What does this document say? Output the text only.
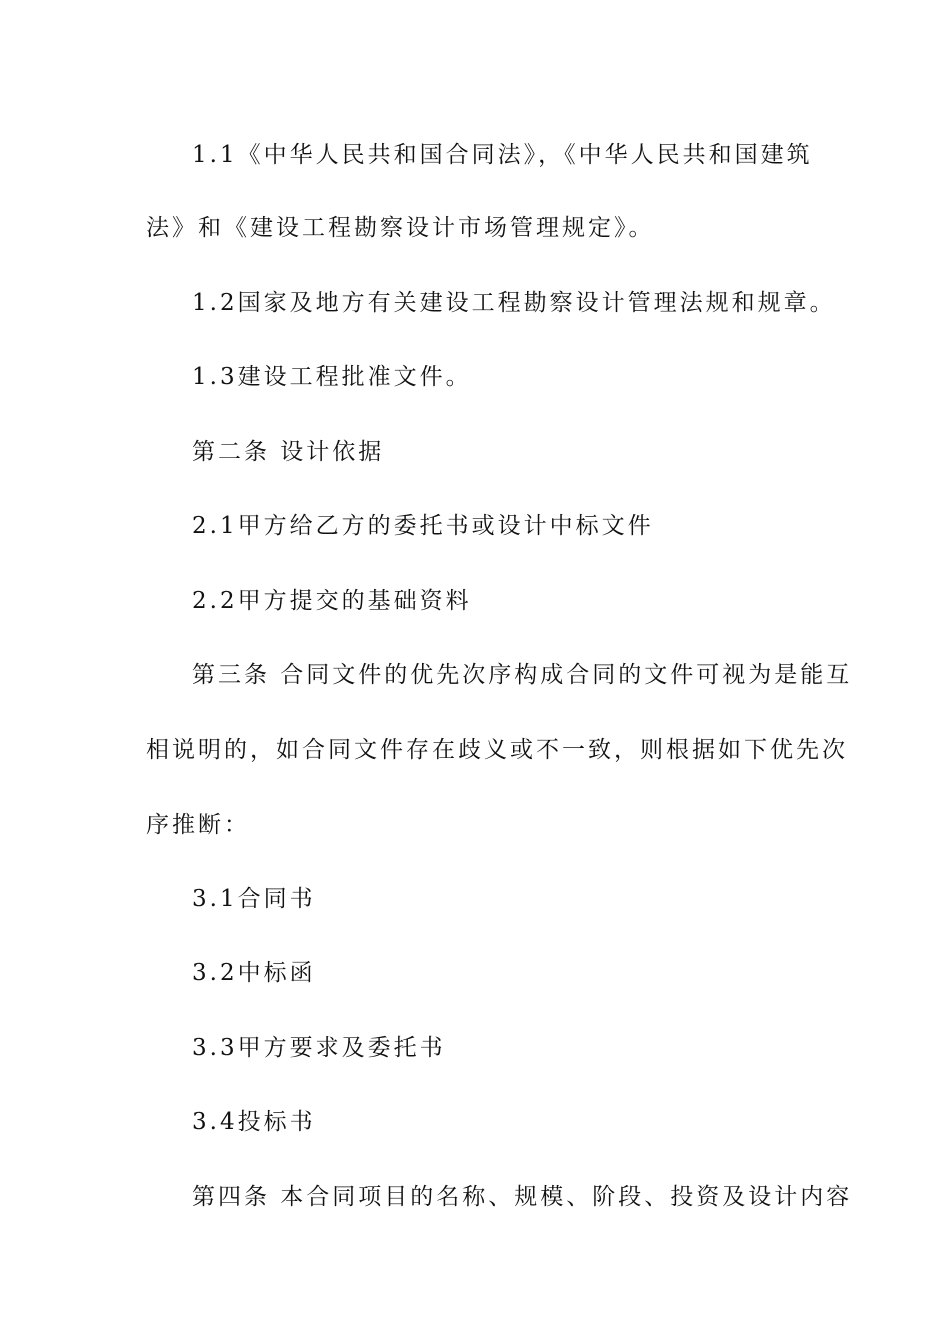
1.1《中华人民共和国合同法》，《中华人民共和国建筑
法》和《建设工程勘察设计市场管理规定》。
1.2国家及地方有关建设工程勘察设计管理法规和规章。
1.3建设工程批准文件。
第二条 设计依据
2.1甲方给乙方的委托书或设计中标文件
2.2甲方提交的基础资料
第三条 合同文件的优先次序构成合同的文件可视为是能互
相说明的，如合同文件存在歧义或不一致，则根据如下优先次
序推断：
3.1合同书
3.2中标函
3.3甲方要求及委托书
3.4投标书
第四条 本合同项目的名称、规模、阶段、投资及设计内容
